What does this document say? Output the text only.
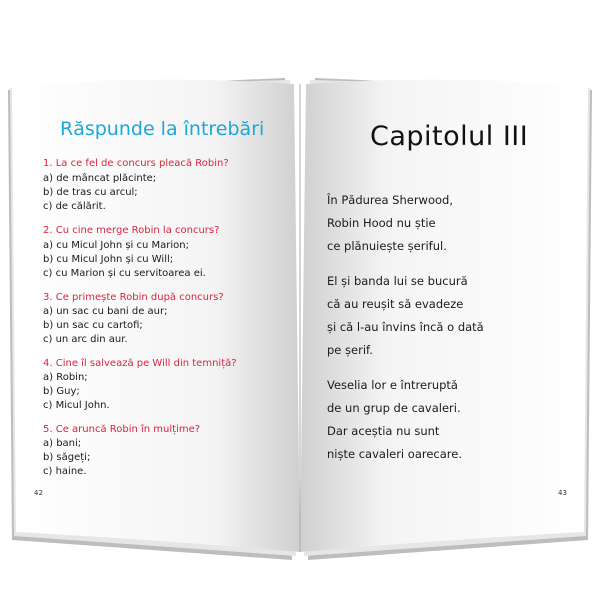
Răspunde la întrebări
1. La ce fel de concurs pleacă Robin?
a) de mâncat plăcinte;
b) de tras cu arcul;
c) de călărit.
2. Cu cine merge Robin la concurs?
a) cu Micul John și cu Marion;
b) cu Micul John și cu Will;
c) cu Marion și cu servitoarea ei.
3. Ce primește Robin după concurs?
a) un sac cu bani de aur;
b) un sac cu cartofi;
c) un arc din aur.
4. Cine îl salvează pe Will din temniță?
a) Robin;
b) Guy;
c) Micul John.
5. Ce aruncă Robin în mulțime?
a) bani;
b) săgeți;
c) haine.
42
Capitolul III
În Pădurea Sherwood,
Robin Hood nu știe
ce plănuiește șeriful.
El și banda lui se bucură
că au reușit să evadeze
și că l-au învins încă o dată
pe șerif.
Veselia lor e întreruptă
de un grup de cavaleri.
Dar aceștia nu sunt
niște cavaleri oarecare.
43
